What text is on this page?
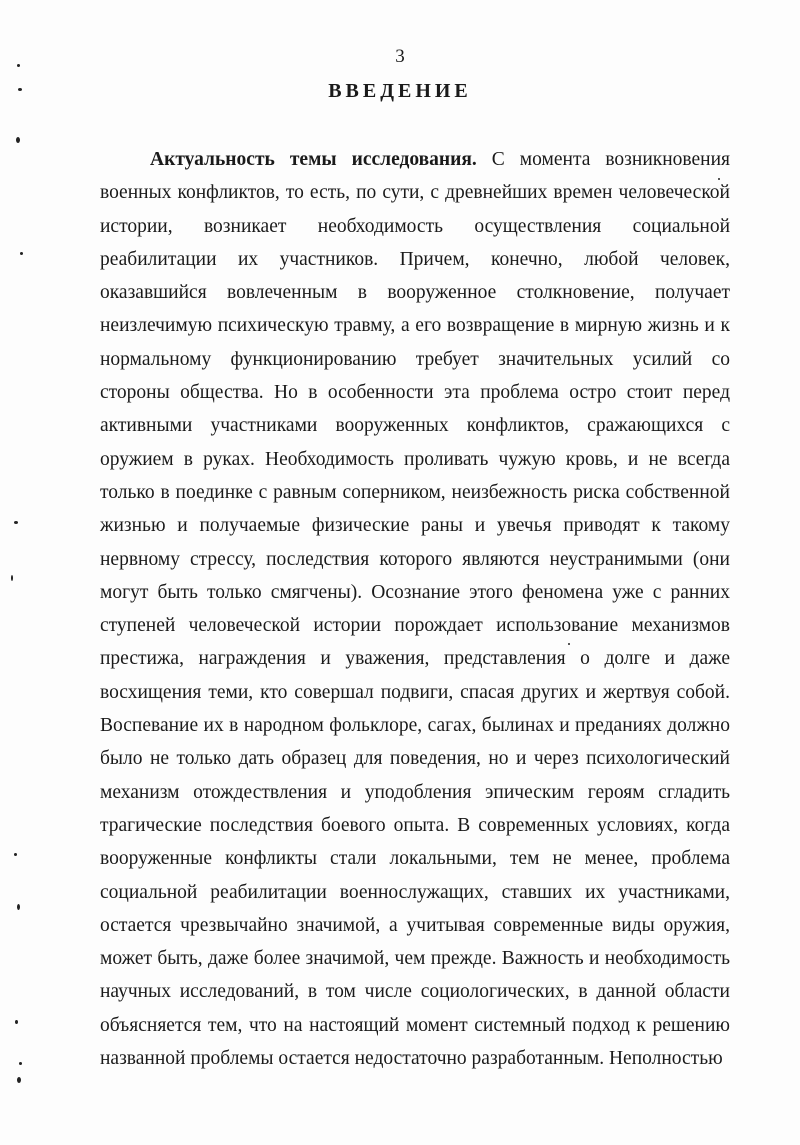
3
ВВЕДЕНИЕ

Актуальность темы исследования. С момента возникновения военных конфликтов, то есть, по сути, с древнейших времен человеческой истории, возникает необходимость осуществления социальной реабилитации их участников. Причем, конечно, любой человек, оказавшийся вовлеченным в вооруженное столкновение, получает неизлечимую психическую травму, а его возвращение в мирную жизнь и к нормальному функционированию требует значительных усилий со стороны общества. Но в особенности эта проблема остро стоит перед активными участниками вооруженных конфликтов, сражающихся с оружием в руках. Необходимость проливать чужую кровь, и не всегда только в поединке с равным соперником, неизбежность риска собственной жизнью и получаемые физические раны и увечья приводят к такому нервному стрессу, последствия которого являются неустранимыми (они могут быть только смягчены). Осознание этого феномена уже с ранних ступеней человеческой истории порождает использование механизмов престижа, награждения и уважения, представления о долге и даже восхищения теми, кто совершал подвиги, спасая других и жертвуя собой. Воспевание их в народном фольклоре, сагах, былинах и преданиях должно было не только дать образец для поведения, но и через психологический механизм отождествления и уподобления эпическим героям сгладить трагические последствия боевого опыта. В современных условиях, когда вооруженные конфликты стали локальными, тем не менее, проблема социальной реабилитации военнослужащих, ставших их участниками, остается чрезвычайно значимой, а учитывая современные виды оружия, может быть, даже более значимой, чем прежде. Важность и необходимость научных исследований, в том числе социологических, в данной области объясняется тем, что на настоящий момент системный подход к решению названной проблемы остается недостаточно разработанным. Неполностью
